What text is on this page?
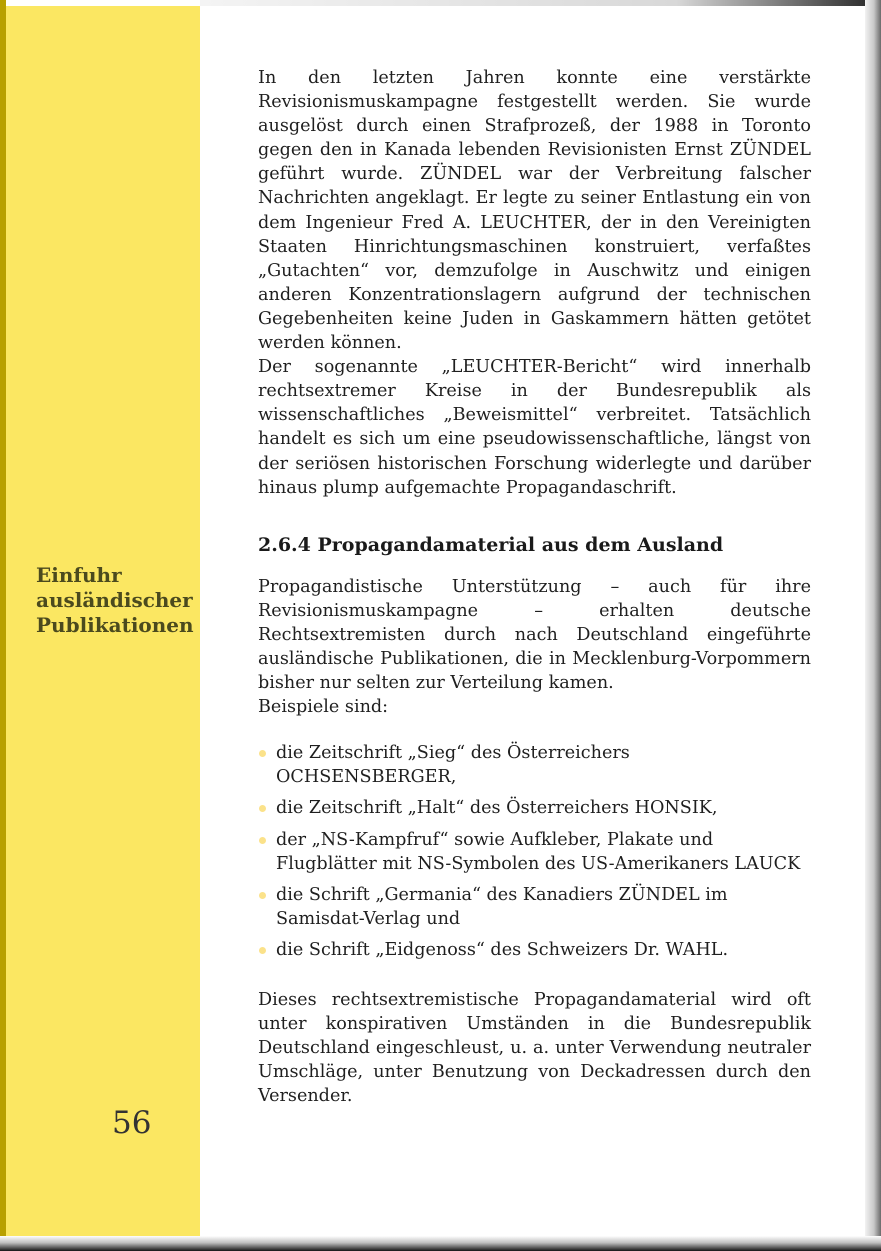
Einfuhr ausländischer Publikationen
56

In den letzten Jahren konnte eine verstärkte Revisionismuskampagne festgestellt werden. Sie wurde ausgelöst durch einen Strafprozeß, der 1988 in Toronto gegen den in Kanada lebenden Revisionisten Ernst ZÜNDEL geführt wurde. ZÜNDEL war der Verbreitung falscher Nachrichten angeklagt. Er legte zu seiner Entlastung ein von dem Ingenieur Fred A. LEUCHTER, der in den Vereinigten Staaten Hinrichtungsmaschinen konstruiert, verfaßtes „Gutachten“ vor, demzufolge in Auschwitz und einigen anderen Konzentrationslagern aufgrund der technischen Gegebenheiten keine Juden in Gaskammern hätten getötet werden können.

Der sogenannte „LEUCHTER-Bericht“ wird innerhalb rechtsextremer Kreise in der Bundesrepublik als wissenschaftliches „Beweismittel“ verbreitet. Tatsächlich handelt es sich um eine pseudowissenschaftliche, längst von der seriösen historischen Forschung widerlegte und darüber hinaus plump aufgemachte Propagandaschrift.

2.6.4 Propagandamaterial aus dem Ausland

Propagandistische Unterstützung – auch für ihre Revisionismuskampagne – erhalten deutsche Rechtsextremisten durch nach Deutschland eingeführte ausländische Publikationen, die in Mecklenburg-Vorpommern bisher nur selten zur Verteilung kamen.

Beispiele sind:

die Zeitschrift „Sieg“ des Österreichers OCHSENSBERGER,
die Zeitschrift „Halt“ des Österreichers HONSIK,
der „NS-Kampfruf“ sowie Aufkleber, Plakate und Flugblätter mit NS-Symbolen des US-Amerikaners LAUCK
die Schrift „Germania“ des Kanadiers ZÜNDEL im Samisdat-Verlag und
die Schrift „Eidgenoss“ des Schweizers Dr. WAHL.

Dieses rechtsextremistische Propagandamaterial wird oft unter konspirativen Umständen in die Bundesrepublik Deutschland eingeschleust, u. a. unter Verwendung neutraler Umschläge, unter Benutzung von Deckadressen durch den Versender.
